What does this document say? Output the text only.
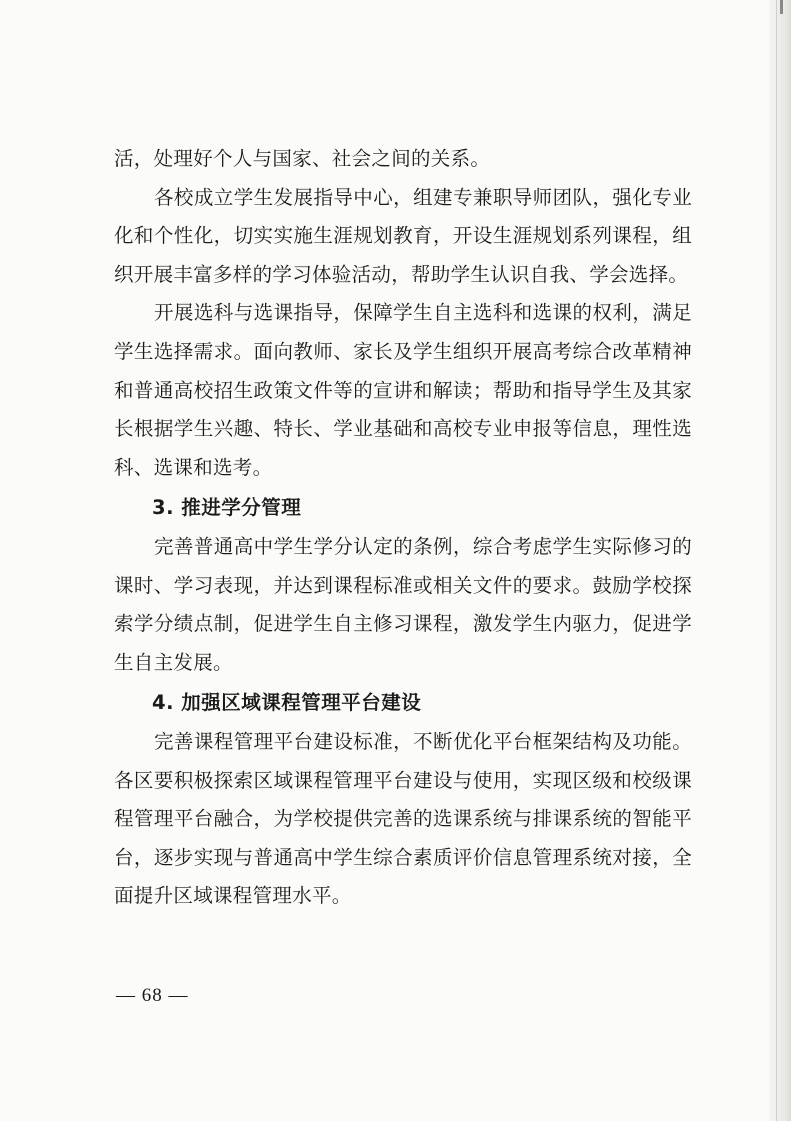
活，处理好个人与国家、社会之间的关系。

各校成立学生发展指导中心，组建专兼职导师团队，强化专业化和个性化，切实实施生涯规划教育，开设生涯规划系列课程，组织开展丰富多样的学习体验活动，帮助学生认识自我、学会选择。

开展选科与选课指导，保障学生自主选科和选课的权利，满足学生选择需求。面向教师、家长及学生组织开展高考综合改革精神和普通高校招生政策文件等的宣讲和解读；帮助和指导学生及其家长根据学生兴趣、特长、学业基础和高校专业申报等信息，理性选科、选课和选考。

3. 推进学分管理

完善普通高中学生学分认定的条例，综合考虑学生实际修习的课时、学习表现，并达到课程标准或相关文件的要求。鼓励学校探索学分绩点制，促进学生自主修习课程，激发学生内驱力，促进学生自主发展。

4. 加强区域课程管理平台建设

完善课程管理平台建设标准，不断优化平台框架结构及功能。各区要积极探索区域课程管理平台建设与使用，实现区级和校级课程管理平台融合，为学校提供完善的选课系统与排课系统的智能平台，逐步实现与普通高中学生综合素质评价信息管理系统对接，全面提升区域课程管理水平。

— 68 —
